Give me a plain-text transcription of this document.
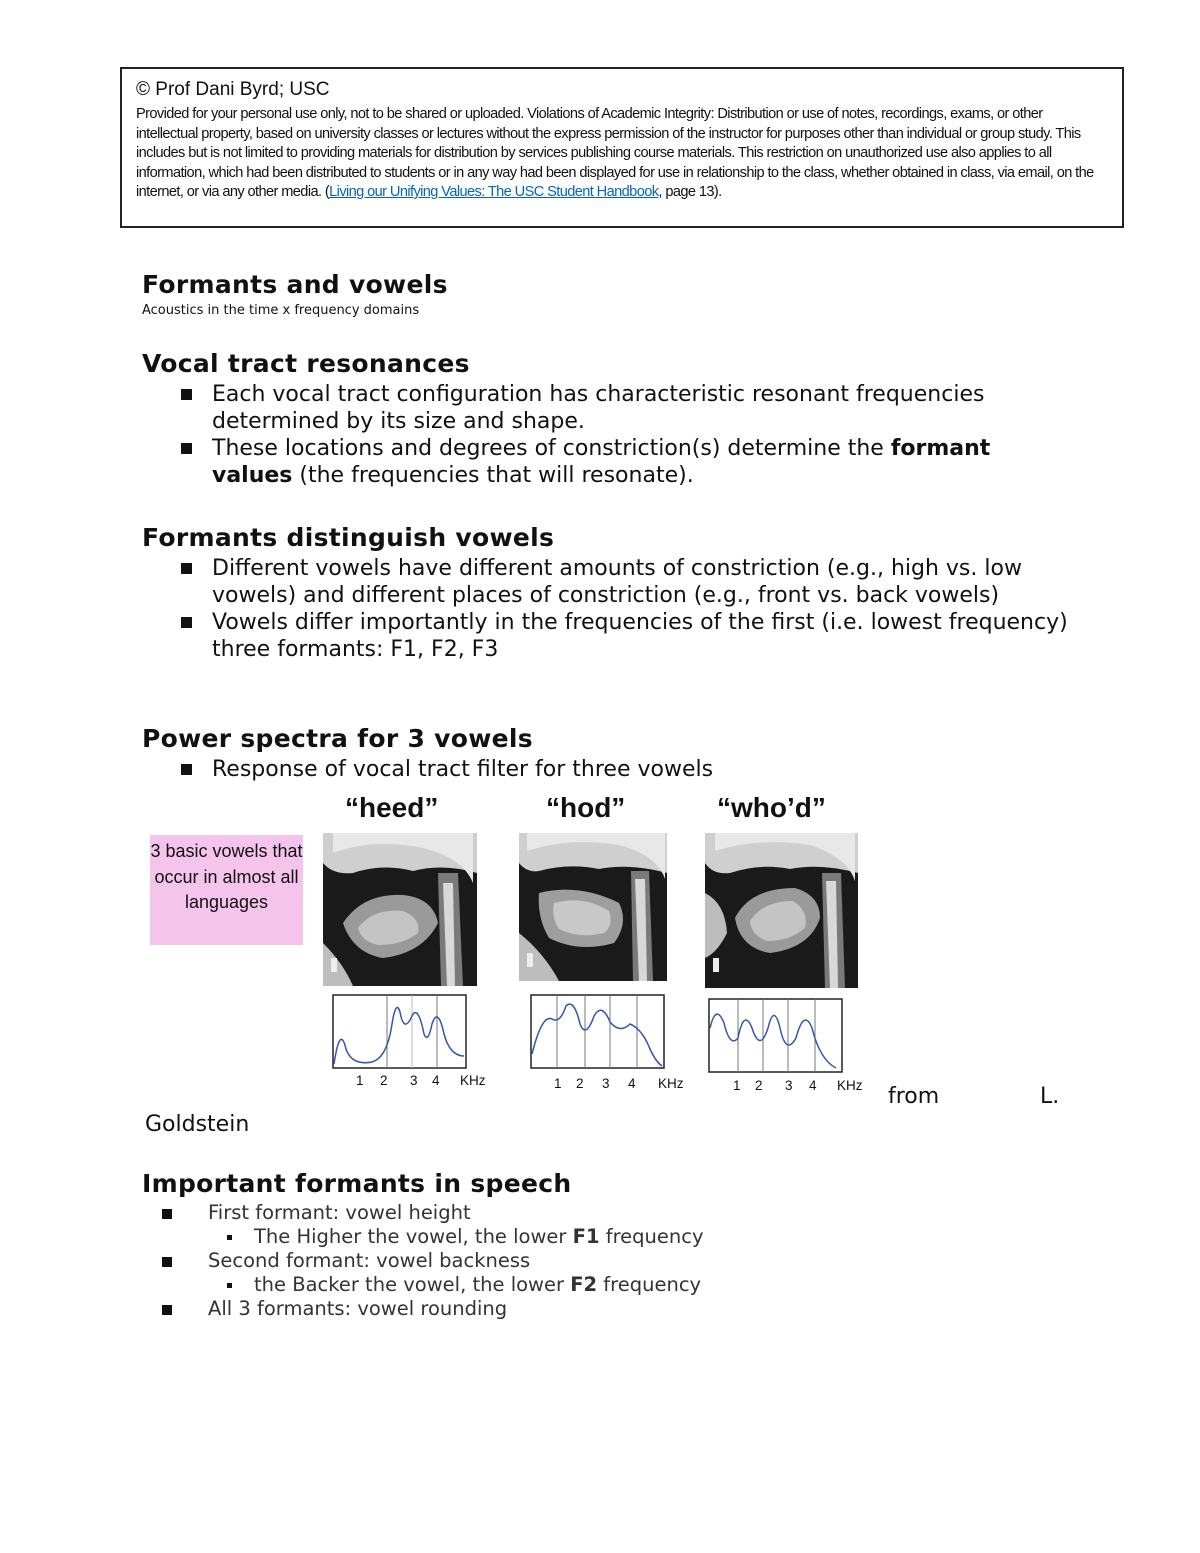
© Prof Dani Byrd; USC

Provided for your personal use only, not to be shared or uploaded. Violations of Academic Integrity: Distribution or use of notes, recordings, exams, or other intellectual property, based on university classes or lectures without the express permission of the instructor for purposes other than individual or group study. This includes but is not limited to providing materials for distribution by services publishing course materials. This restriction on unauthorized use also applies to all information, which had been distributed to students or in any way had been displayed for use in relationship to the class, whether obtained in class, via email, on the internet, or via any other media. (Living our Unifying Values: The USC Student Handbook, page 13).

Formants and vowels

Acoustics in the time x frequency domains

Vocal tract resonances
Each vocal tract configuration has characteristic resonant frequencies determined by its size and shape.
These locations and degrees of constriction(s) determine the formant values (the frequencies that will resonate).
Formants distinguish vowels
Different vowels have different amounts of constriction (e.g., high vs. low vowels) and different places of constriction (e.g., front vs. back vowels)
Vowels differ importantly in the frequencies of the first (i.e. lowest frequency) three formants: F1, F2, F3
Power spectra for 3 vowels
Response of vocal tract filter for three vowels
“heed”	“hod”	“who’d”
3 basic vowels that occur in almost all languages
1	2	3	4	KHz	1	2	3	4	KHz	1	2	3	4	KHz from	L.
Goldstein
Important formants in speech
First formant: vowel height
The Higher the vowel, the lower F1 frequency
Second formant: vowel backness
the Backer the vowel, the lower F2 frequency
All 3 formants: vowel rounding
